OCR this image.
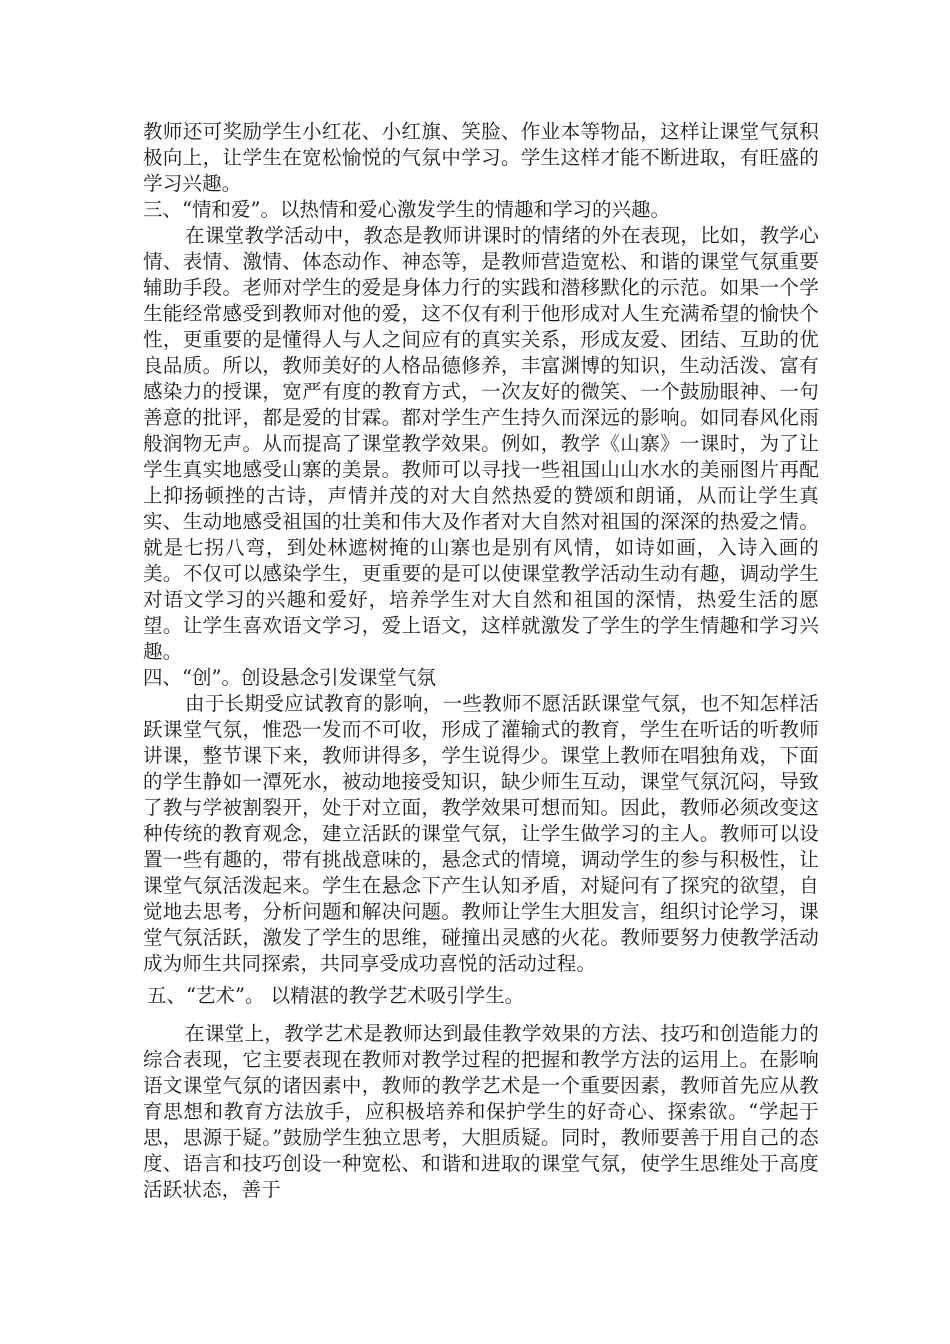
教师还可奖励学生小红花、小红旗、笑脸、作业本等物品，这样让课堂气氛积极向上，让学生在宽松愉悦的气氛中学习。学生这样才能不断进取，有旺盛的学习兴趣。

三、“情和爱”。以热情和爱心激发学生的情趣和学习的兴趣。

在课堂教学活动中，教态是教师讲课时的情绪的外在表现，比如，教学心情、表情、激情、体态动作、神态等，是教师营造宽松、和谐的课堂气氛重要辅助手段。老师对学生的爱是身体力行的实践和潜移默化的示范。如果一个学生能经常感受到教师对他的爱，这不仅有利于他形成对人生充满希望的愉快个性，更重要的是懂得人与人之间应有的真实关系，形成友爱、团结、互助的优良品质。所以，教师美好的人格品德修养，丰富渊博的知识，生动活泼、富有感染力的授课，宽严有度的教育方式，一次友好的微笑、一个鼓励眼神、一句善意的批评，都是爱的甘霖。都对学生产生持久而深远的影响。如同春风化雨般润物无声。从而提高了课堂教学效果。例如，教学《山寨》一课时，为了让学生真实地感受山寨的美景。教师可以寻找一些祖国山山水水的美丽图片再配上抑扬顿挫的古诗，声情并茂的对大自然热爱的赞颂和朗诵，从而让学生真实、生动地感受祖国的壮美和伟大及作者对大自然对祖国的深深的热爱之情。就是七拐八弯，到处林遮树掩的山寨也是别有风情，如诗如画，入诗入画的美。不仅可以感染学生，更重要的是可以使课堂教学活动生动有趣，调动学生对语文学习的兴趣和爱好，培养学生对大自然和祖国的深情，热爱生活的愿望。让学生喜欢语文学习，爱上语文，这样就激发了学生的学生情趣和学习兴趣。

四、“创”。创设悬念引发课堂气氛

由于长期受应试教育的影响，一些教师不愿活跃课堂气氛，也不知怎样活跃课堂气氛，惟恐一发而不可收，形成了灌输式的教育，学生在听话的听教师讲课，整节课下来，教师讲得多，学生说得少。课堂上教师在唱独角戏，下面的学生静如一潭死水，被动地接受知识，缺少师生互动，课堂气氛沉闷，导致了教与学被割裂开，处于对立面，教学效果可想而知。因此，教师必须改变这种传统的教育观念，建立活跃的课堂气氛，让学生做学习的主人。教师可以设置一些有趣的，带有挑战意味的，悬念式的情境，调动学生的参与积极性，让课堂气氛活泼起来。学生在悬念下产生认知矛盾，对疑问有了探究的欲望，自觉地去思考，分析问题和解决问题。教师让学生大胆发言，组织讨论学习，课堂气氛活跃，激发了学生的思维，碰撞出灵感的火花。教师要努力使教学活动成为师生共同探索，共同享受成功喜悦的活动过程。

五、“艺术”。 以精湛的教学艺术吸引学生。

在课堂上，教学艺术是教师达到最佳教学效果的方法、技巧和创造能力的综合表现，它主要表现在教师对教学过程的把握和教学方法的运用上。在影响语文课堂气氛的诸因素中，教师的教学艺术是一个重要因素，教师首先应从教育思想和教育方法放手，应积极培养和保护学生的好奇心、探索欲。“学起于思，思源于疑。”鼓励学生独立思考，大胆质疑。同时，教师要善于用自己的态度、语言和技巧创设一种宽松、和谐和进取的课堂气氛，使学生思维处于高度活跃状态，善于
